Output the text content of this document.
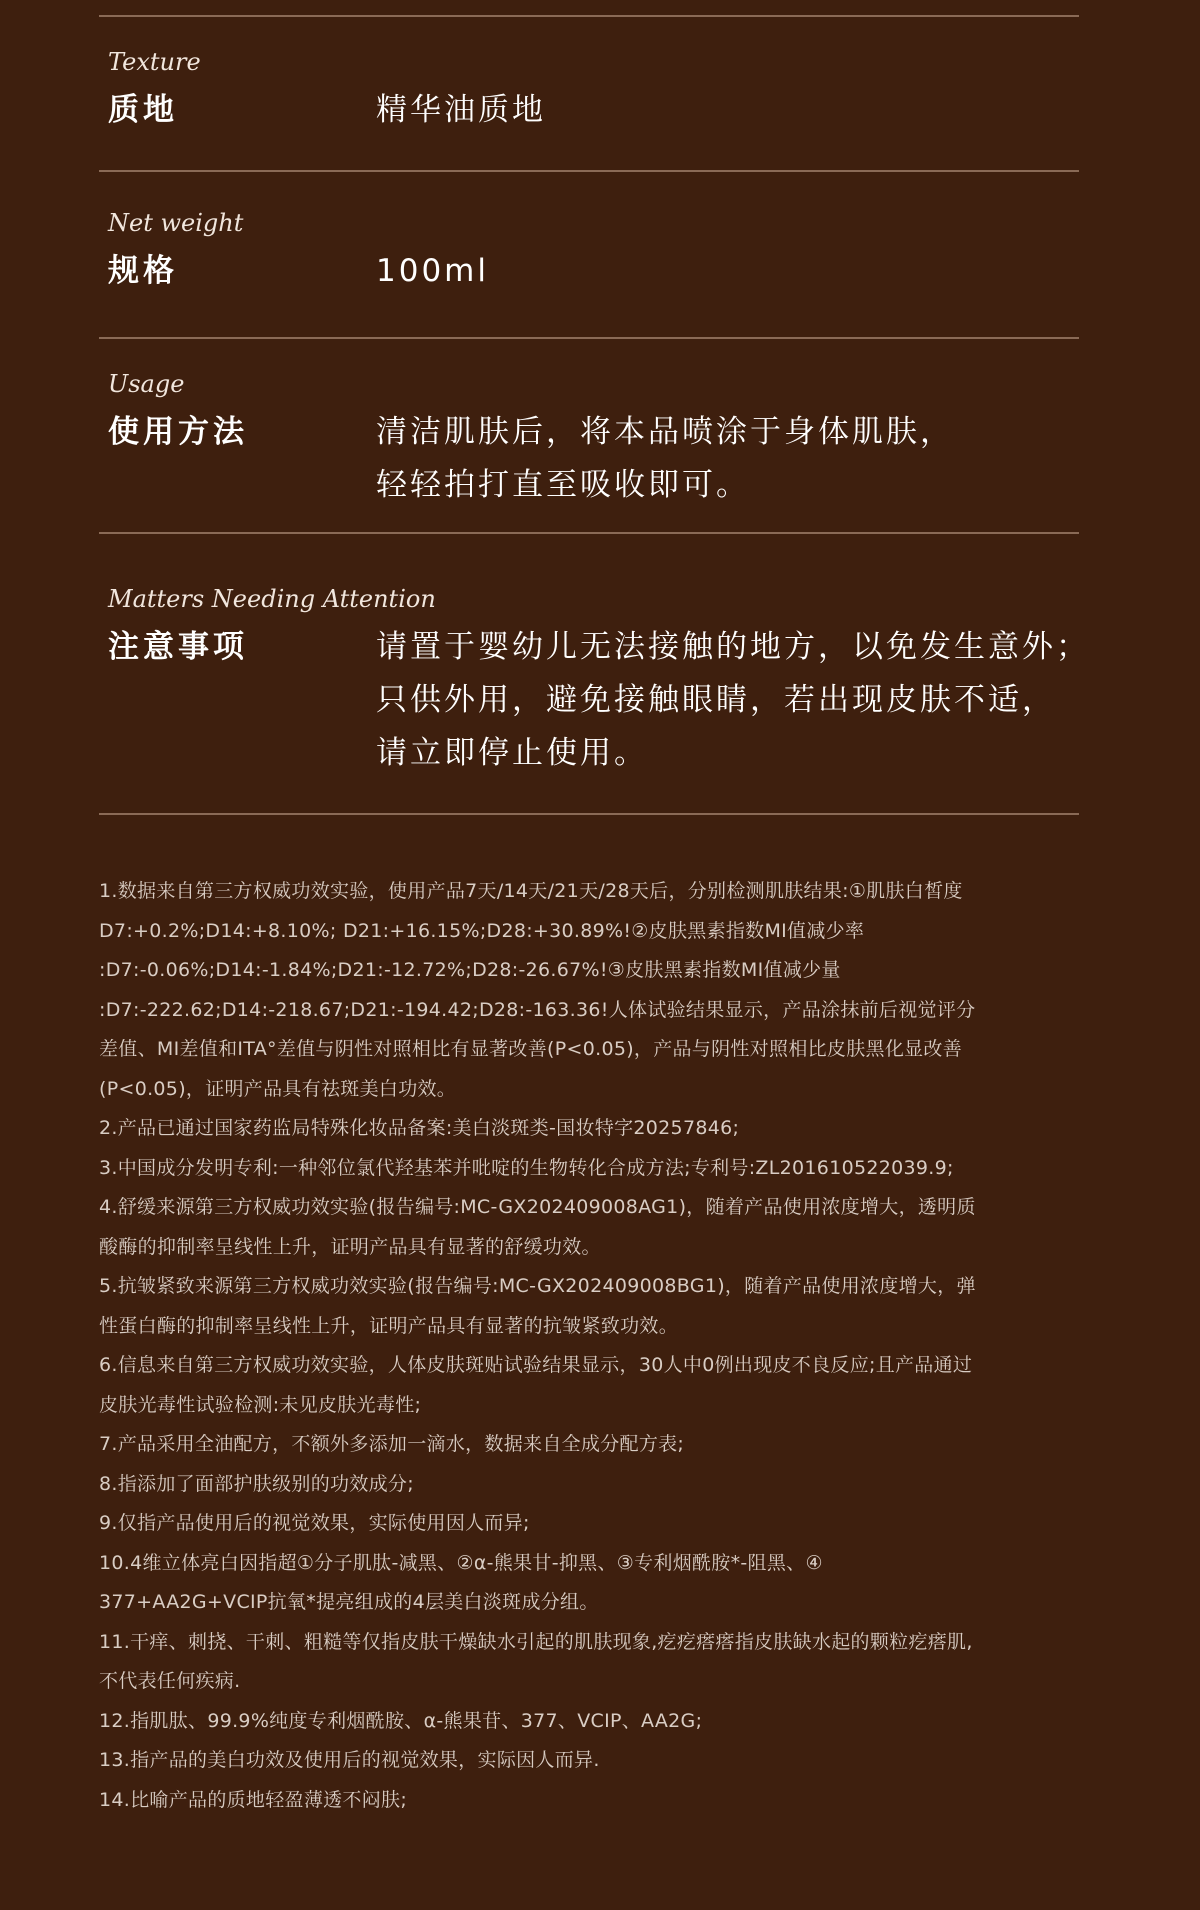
Texture
质地	精华油质地
Net weight
规格	100ml
Usage
使用方法	清洁肌肤后，将本品喷涂于身体肌肤，
轻轻拍打直至吸收即可。
Matters Needing Attention
注意事项	请置于婴幼儿无法接触的地方，以免发生意外；
只供外用，避免接触眼睛，若出现皮肤不适，
请立即停止使用。
1.数据来自第三方权威功效实验，使用产品7天/14天/21天/28天后，分别检测肌肤结果:①肌肤白皙度
D7:+0.2%;D14:+8.10%; D21:+16.15%;D28:+30.89%!②皮肤黑素指数MI值减少率
:D7:-0.06%;D14:-1.84%;D21:-12.72%;D28:-26.67%!③皮肤黑素指数MI值减少量
:D7:-222.62;D14:-218.67;D21:-194.42;D28:-163.36!人体试验结果显示，产品涂抹前后视觉评分
差值、MI差值和ITA°差值与阴性对照相比有显著改善(P<0.05)，产品与阴性对照相比皮肤黑化显改善
(P<0.05)，证明产品具有祛斑美白功效。
2.产品已通过国家药监局特殊化妆品备案:美白淡斑类-国妆特字20257846;
3.中国成分发明专利:一种邻位氯代羟基苯并吡啶的生物转化合成方法;专利号:ZL201610522039.9;
4.舒缓来源第三方权威功效实验(报告编号:MC-GX202409008AG1)，随着产品使用浓度增大，透明质
酸酶的抑制率呈线性上升，证明产品具有显著的舒缓功效。
5.抗皱紧致来源第三方权威功效实验(报告编号:MC-GX202409008BG1)，随着产品使用浓度增大，弹
性蛋白酶的抑制率呈线性上升，证明产品具有显著的抗皱紧致功效。
6.信息来自第三方权威功效实验，人体皮肤斑贴试验结果显示，30人中0例出现皮不良反应;且产品通过
皮肤光毒性试验检测:未见皮肤光毒性;
7.产品采用全油配方，不额外多添加一滴水，数据来自全成分配方表;
8.指添加了面部护肤级别的功效成分;
9.仅指产品使用后的视觉效果，实际使用因人而异;
10.4维立体亮白因指超①分子肌肽-减黑、②α-熊果甘-抑黑、③专利烟酰胺*-阻黑、④
377+AA2G+VCIP抗氧*提亮组成的4层美白淡斑成分组。
11.干痒、刺挠、干刺、粗糙等仅指皮肤干燥缺水引起的肌肤现象,疙疙瘩瘩指皮肤缺水起的颗粒疙瘩肌,
不代表任何疾病.
12.指肌肽、99.9%纯度专利烟酰胺、α-熊果苷、377、VCIP、AA2G;
13.指产品的美白功效及使用后的视觉效果，实际因人而异.
14.比喻产品的质地轻盈薄透不闷肤;
